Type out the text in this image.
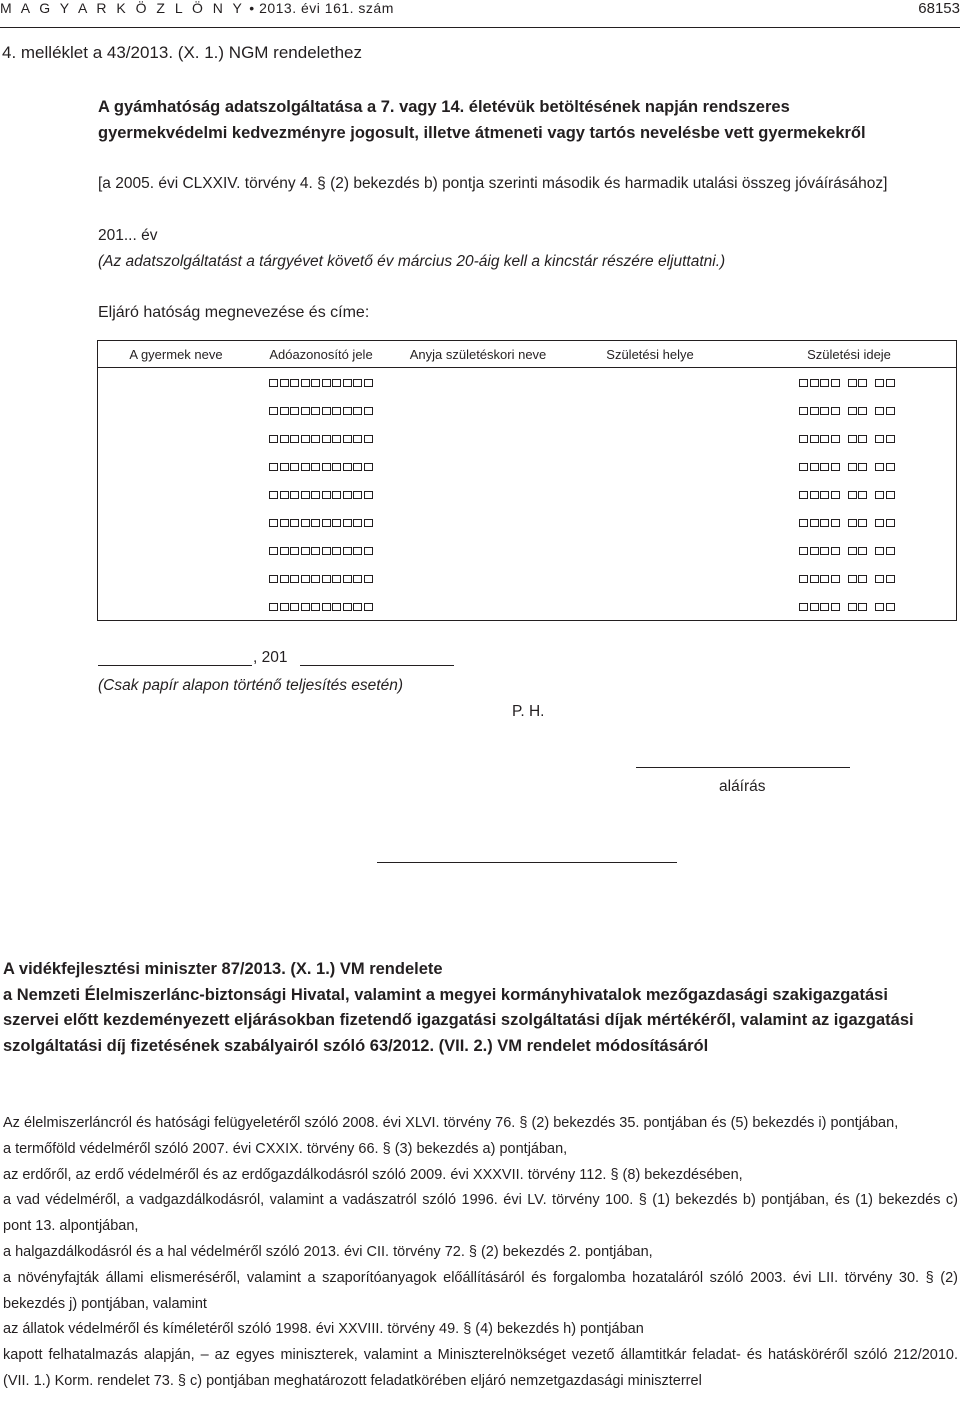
M A G Y A R K Ö Z L Ö N Y • 2013. évi 161. szám	68153
4. melléklet a 43/2013. (X. 1.) NGM rendelethez
A gyámhatóság adatszolgáltatása a 7. vagy 14. életévük betöltésének napján rendszeres gyermekvédelmi kedvezményre jogosult, illetve átmeneti vagy tartós nevelésbe vett gyermekekről
[a 2005. évi CLXXIV. törvény 4. § (2) bekezdés b) pontja szerinti második és harmadik utalási összeg jóváírásához]
201... év
(Az adatszolgáltatást a tárgyévet követő év március 20-áig kell a kincstár részére eljuttatni.)
Eljáró hatóság megnevezése és címe:
A gyermek neve	Adóazonosító jele	Anyja születéskori neve	Születési helye	Születési ideje
, 201
(Csak papír alapon történő teljesítés esetén)
P. H.
aláírás
A vidékfejlesztési miniszter 87/2013. (X. 1.) VM rendelete
a Nemzeti Élelmiszerlánc-biztonsági Hivatal, valamint a megyei kormányhivatalok mezőgazdasági szakigazgatási szervei előtt kezdeményezett eljárásokban fizetendő igazgatási szolgáltatási díjak mértékéről, valamint az igazgatási szolgáltatási díj fizetésének szabályairól szóló 63/2012. (VII. 2.) VM rendelet módosításáról
Az élelmiszerláncról és hatósági felügyeletéről szóló 2008. évi XLVI. törvény 76. § (2) bekezdés 35. pontjában és (5) bekezdés i) pontjában,
a termőföld védelméről szóló 2007. évi CXXIX. törvény 66. § (3) bekezdés a) pontjában,
az erdőről, az erdő védelméről és az erdőgazdálkodásról szóló 2009. évi XXXVII. törvény 112. § (8) bekezdésében,
a vad védelméről, a vadgazdálkodásról, valamint a vadászatról szóló 1996. évi LV. törvény 100. § (1) bekezdés b) pontjában, és (1) bekezdés c) pont 13. alpontjában,
a halgazdálkodásról és a hal védelméről szóló 2013. évi CII. törvény 72. § (2) bekezdés 2. pontjában,
a növényfajták állami elismeréséről, valamint a szaporítóanyagok előállításáról és forgalomba hozataláról szóló 2003. évi LII. törvény 30. § (2) bekezdés j) pontjában, valamint
az állatok védelméről és kíméletéről szóló 1998. évi XXVIII. törvény 49. § (4) bekezdés h) pontjában
kapott felhatalmazás alapján, – az egyes miniszterek, valamint a Miniszterelnökséget vezető államtitkár feladat- és hatásköréről szóló 212/2010. (VII. 1.) Korm. rendelet 73. § c) pontjában meghatározott feladatkörében eljáró nemzetgazdasági miniszterrel
